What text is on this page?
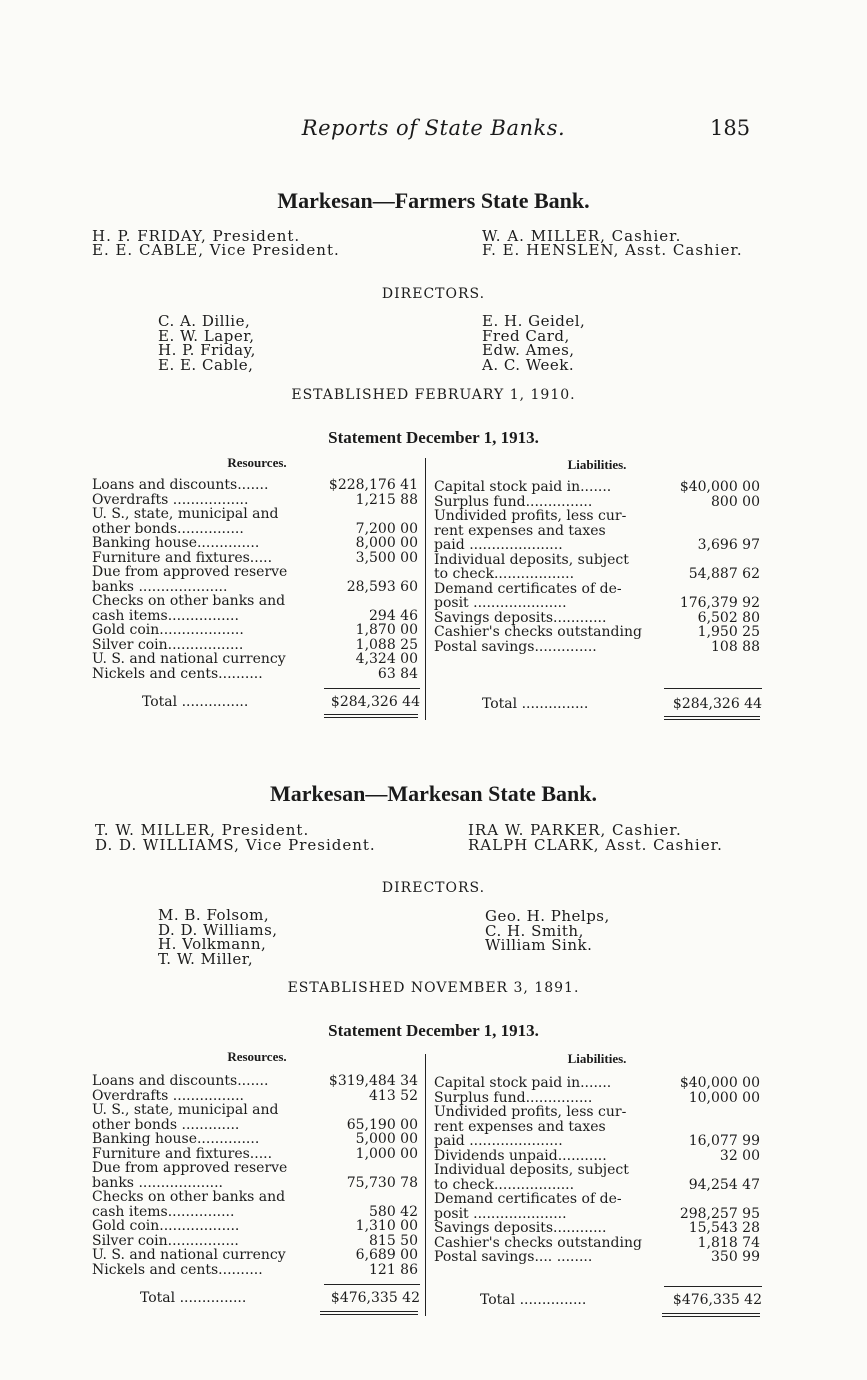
Reports of State Banks.	185
Markesan—Farmers State Bank.
H. P. FRIDAY, President.
E. E. CABLE, Vice President.
W. A. MILLER, Cashier.
F. E. HENSLEN, Asst. Cashier.
DIRECTORS.
C. A. Dillie,
E. W. Laper,
H. P. Friday,
E. E. Cable,
E. H. Geidel,
Fred Card,
Edw. Ames,
A. C. Week.
ESTABLISHED FEBRUARY 1, 1910.
Statement December 1, 1913.
Resources.	Liabilities.
Loans and discounts.......	$228,176 41
Overdrafts .................	1,215 88
U. S., state, municipal and
other bonds...............	7,200 00
Banking house..............	8,000 00
Furniture and fixtures.....	3,500 00
Due from approved reserve
banks ....................	28,593 60
Checks on other banks and
cash items................	294 46
Gold coin...................	1,870 00
Silver coin.................	1,088 25
U. S. and national currency	4,324 00
Nickels and cents..........	63 84
Capital stock paid in.......	$40,000 00
Surplus fund...............	800 00
Undivided profits, less cur-
rent expenses and taxes
paid .....................	3,696 97
Individual deposits, subject
to check..................	54,887 62
Demand certificates of de-
posit .....................	176,379 92
Savings deposits............	6,502 80
Cashier's checks outstanding	1,950 25
Postal savings..............	108 88
Total ...............	$284,326 44	Total ...............	$284,326 44
Markesan—Markesan State Bank.
T. W. MILLER, President.
D. D. WILLIAMS, Vice President.
IRA W. PARKER, Cashier.
RALPH CLARK, Asst. Cashier.
DIRECTORS.
M. B. Folsom,
D. D. Williams,
H. Volkmann,
T. W. Miller,
Geo. H. Phelps,
C. H. Smith,
William Sink.
ESTABLISHED NOVEMBER 3, 1891.
Statement December 1, 1913.
Resources.	Liabilities.
Loans and discounts.......	$319,484 34
Overdrafts ................	413 52
U. S., state, municipal and
other bonds .............	65,190 00
Banking house..............	5,000 00
Furniture and fixtures.....	1,000 00
Due from approved reserve
banks ...................	75,730 78
Checks on other banks and
cash items...............	580 42
Gold coin..................	1,310 00
Silver coin................	815 50
U. S. and national currency	6,689 00
Nickels and cents..........	121 86
Capital stock paid in.......	$40,000 00
Surplus fund...............	10,000 00
Undivided profits, less cur-
rent expenses and taxes
paid .....................	16,077 99
Dividends unpaid...........	32 00
Individual deposits, subject
to check..................	94,254 47
Demand certificates of de-
posit .....................	298,257 95
Savings deposits............	15,543 28
Cashier's checks outstanding	1,818 74
Postal savings.... ........	350 99
Total ...............	$476,335 42	Total ...............	$476,335 42
